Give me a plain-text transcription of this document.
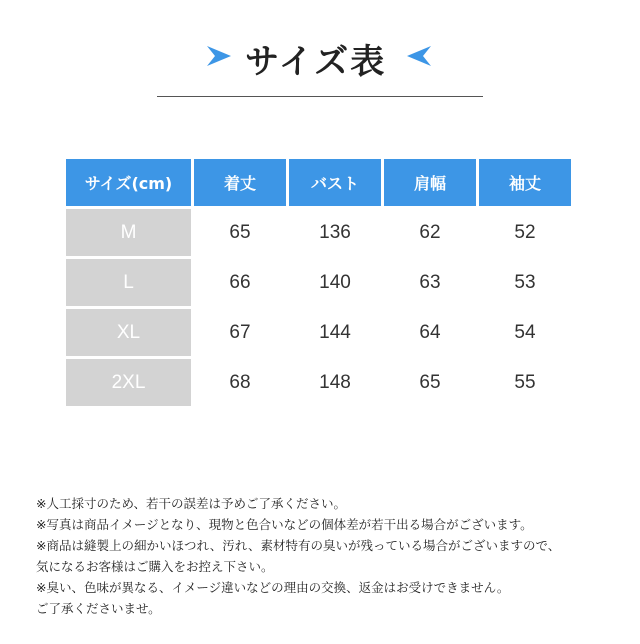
サイズ表
サイズ(cm)	着丈	バスト	肩幅	袖丈
M	65	136	62	52
L	66	140	63	53
XL	67	144	64	54
2XL	68	148	65	55

※人工採寸のため、若干の誤差は予めご了承ください。

※写真は商品イメージとなり、現物と色合いなどの個体差が若干出る場合がございます。

※商品は縫製上の細かいほつれ、汚れ、素材特有の臭いが残っている場合がございますので、

気になるお客様はご購入をお控え下さい。

※臭い、色味が異なる、イメージ違いなどの理由の交換、返金はお受けできません。

ご了承くださいませ。
